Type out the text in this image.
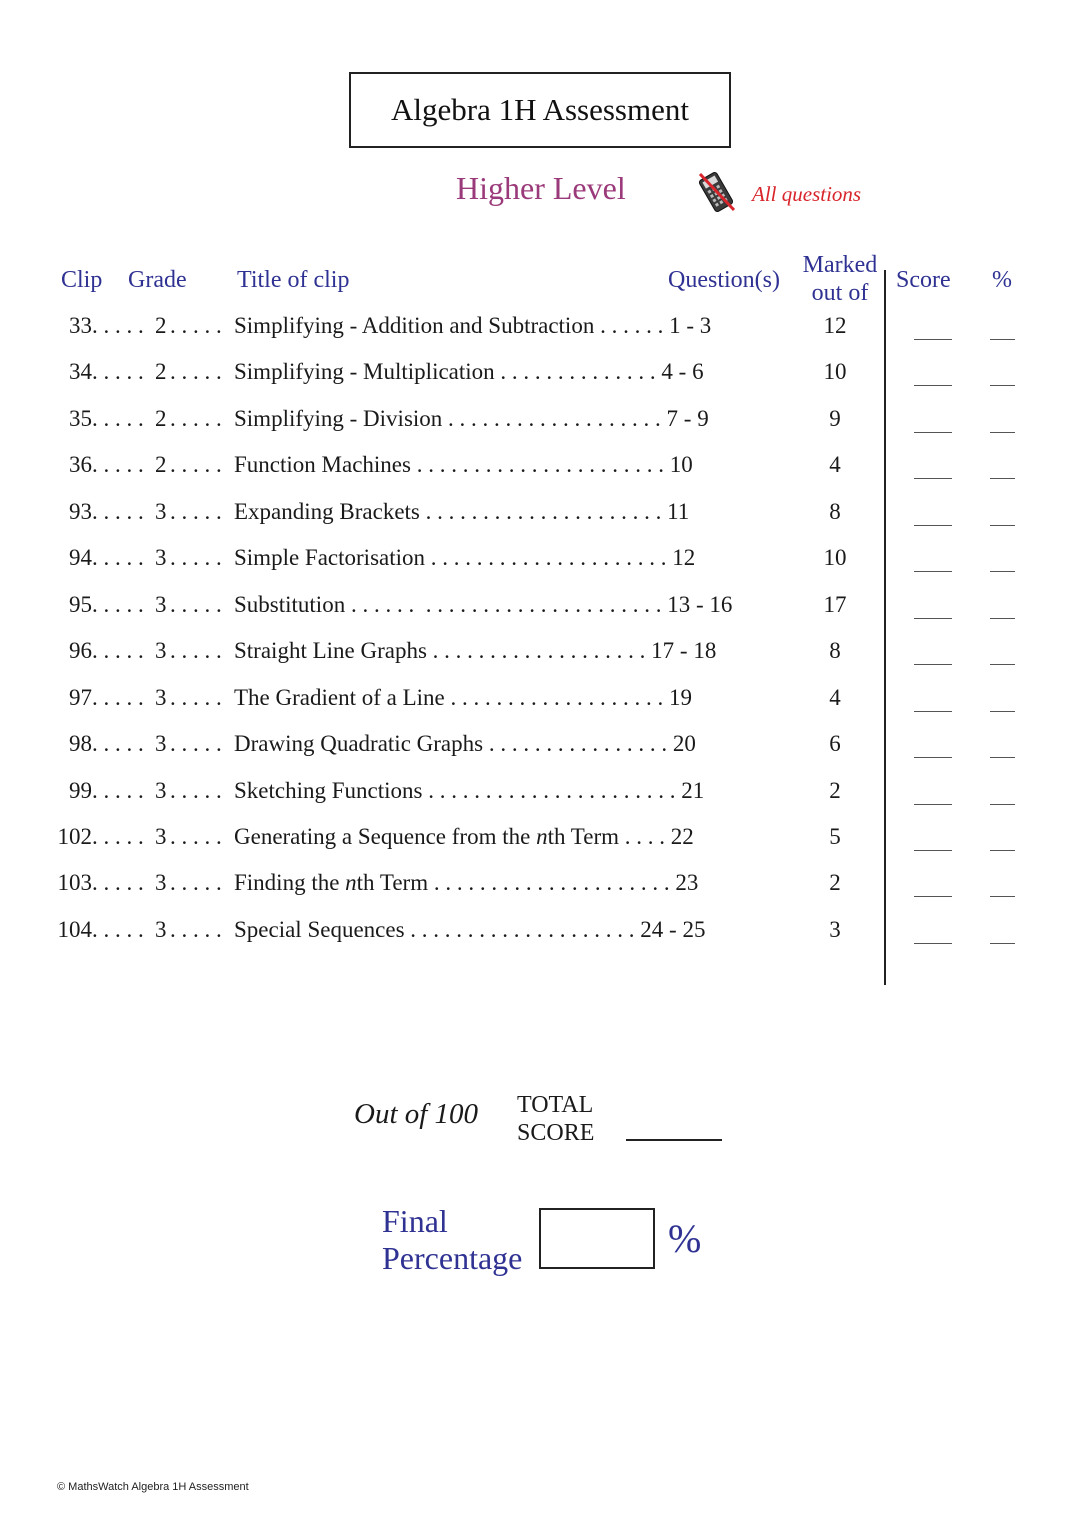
Algebra 1H Assessment
Higher Level	All questions
Clip Grade Title of clip	Question(s)
Marked
out of	Score %
33 . . . . . 2 . . . . . Simplifying - Addition and Subtraction . . . . . . 1 - 3	12
34 . . . . . 2 . . . . . Simplifying - Multiplication . . . . . . . . . . . . . . 4 - 6	10
35 . . . . . 2 . . . . . Simplifying - Division . . . . . . . . . . . . . . . . . . . 7 - 9	9
36 . . . . . 2 . . . . . Function Machines . . . . . . . . . . . . . . . . . . . . . . 10	4
93 . . . . . 3 . . . . . Expanding Brackets . . . . . . . . . . . . . . . . . . . . . 11	8
94 . . . . . 3 . . . . . Simple Factorisation . . . . . . . . . . . . . . . . . . . . . 12	10
95 . . . . . 3 . . . . . Substitution . . . . . .  . . . . . . . . . . . . . . . . . . . . . 13 - 16	17
96 . . . . . 3 . . . . . Straight Line Graphs . . . . . . . . . . . . . . . . . . . 17 - 18	8
97 . . . . . 3 . . . . . The Gradient of a Line . . . . . . . . . . . . . . . . . . . 19	4
98 . . . . . 3 . . . . . Drawing Quadratic Graphs . . . . . . . . . . . . . . . . 20	6
99 . . . . . 3 . . . . . Sketching Functions . . . . . . . . . . . . . . . . . . . . . . 21	2
102 . . . . . 3 . . . . . Generating a Sequence from the nth Term . . . . 22	5
103 . . . . . 3 . . . . . Finding the nth Term . . . . . . . . . . . . . . . . . . . . . 23	2
104 . . . . . 3 . . . . . Special Sequences . . . . . . . . . . . . . . . . . . . . 24 - 25	3
Out of 100 TOTAL
SCORE
Final
Percentage	%
© MathsWatch Algebra 1H Assessment
